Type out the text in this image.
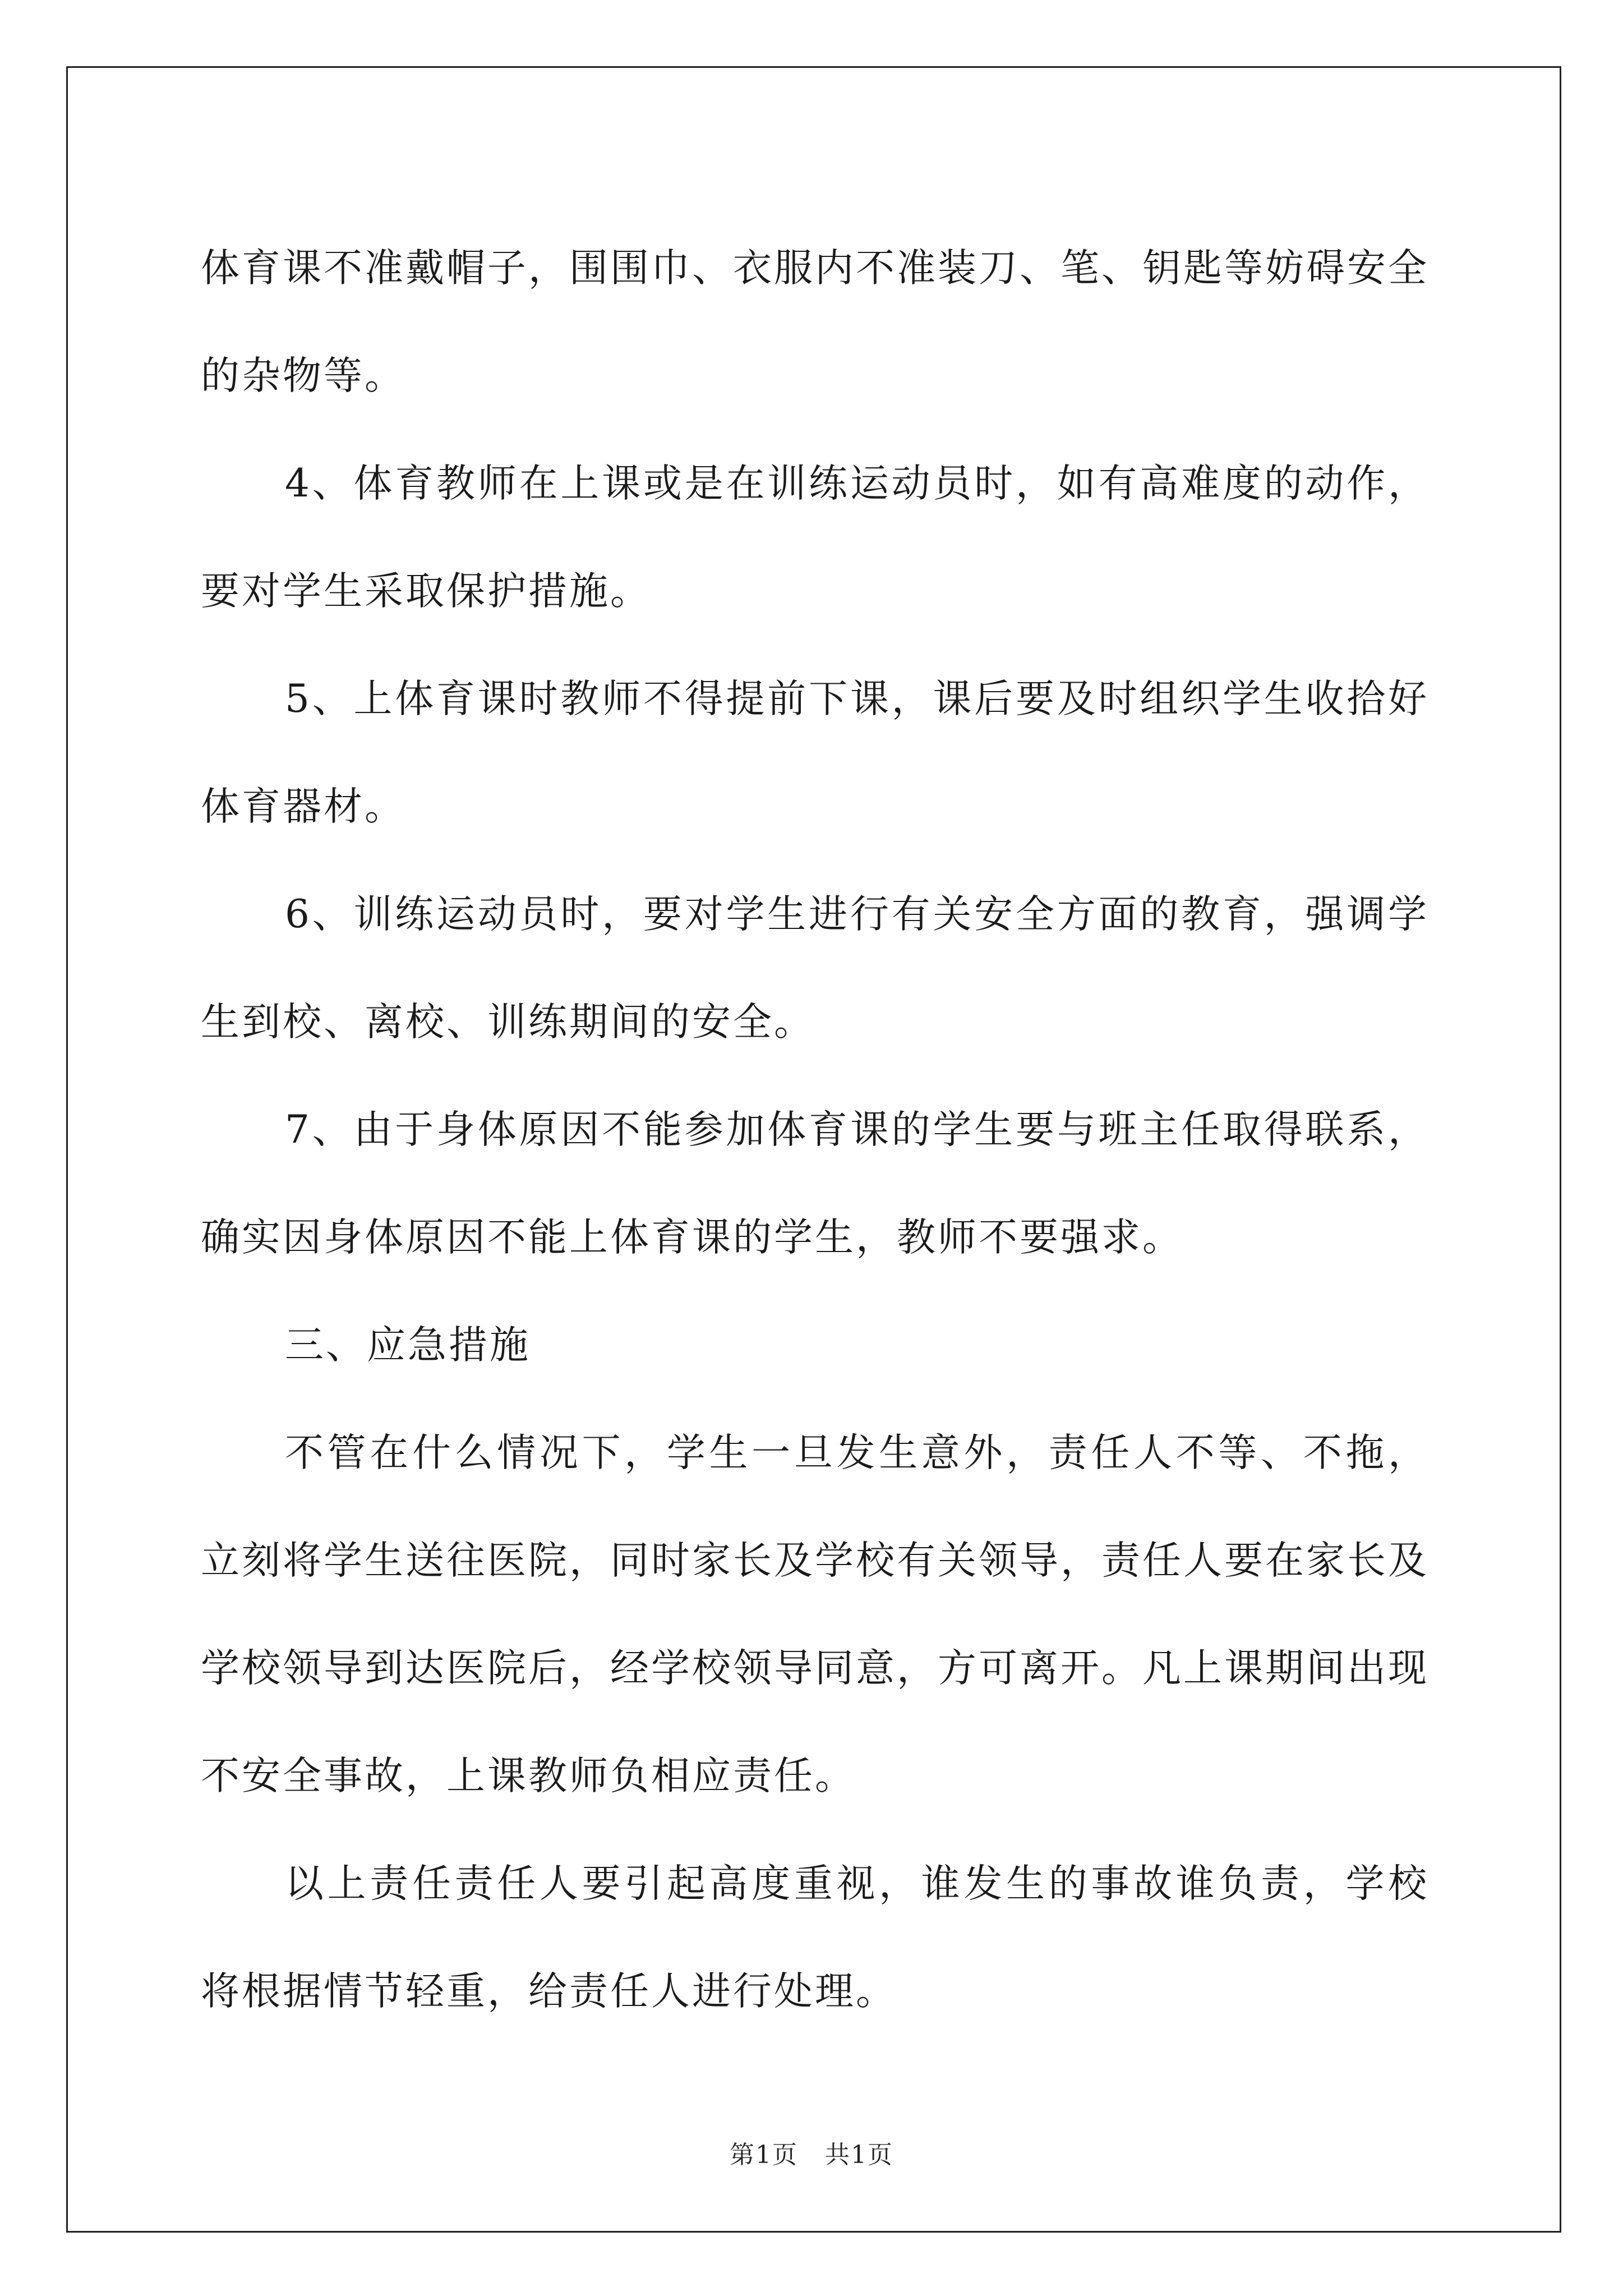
体育课不准戴帽子，围围巾、衣服内不准装刀、笔、钥匙等妨碍安全的杂物等。

4、体育教师在上课或是在训练运动员时，如有高难度的动作，要对学生采取保护措施。

5、上体育课时教师不得提前下课，课后要及时组织学生收拾好体育器材。

6、训练运动员时，要对学生进行有关安全方面的教育，强调学生到校、离校、训练期间的安全。

7、由于身体原因不能参加体育课的学生要与班主任取得联系，确实因身体原因不能上体育课的学生，教师不要强求。

三、应急措施

不管在什么情况下，学生一旦发生意外，责任人不等、不拖，立刻将学生送往医院，同时家长及学校有关领导，责任人要在家长及学校领导到达医院后，经学校领导同意，方可离开。凡上课期间出现不安全事故，上课教师负相应责任。

以上责任责任人要引起高度重视，谁发生的事故谁负责，学校将根据情节轻重，给责任人进行处理。

第1页 共1页
